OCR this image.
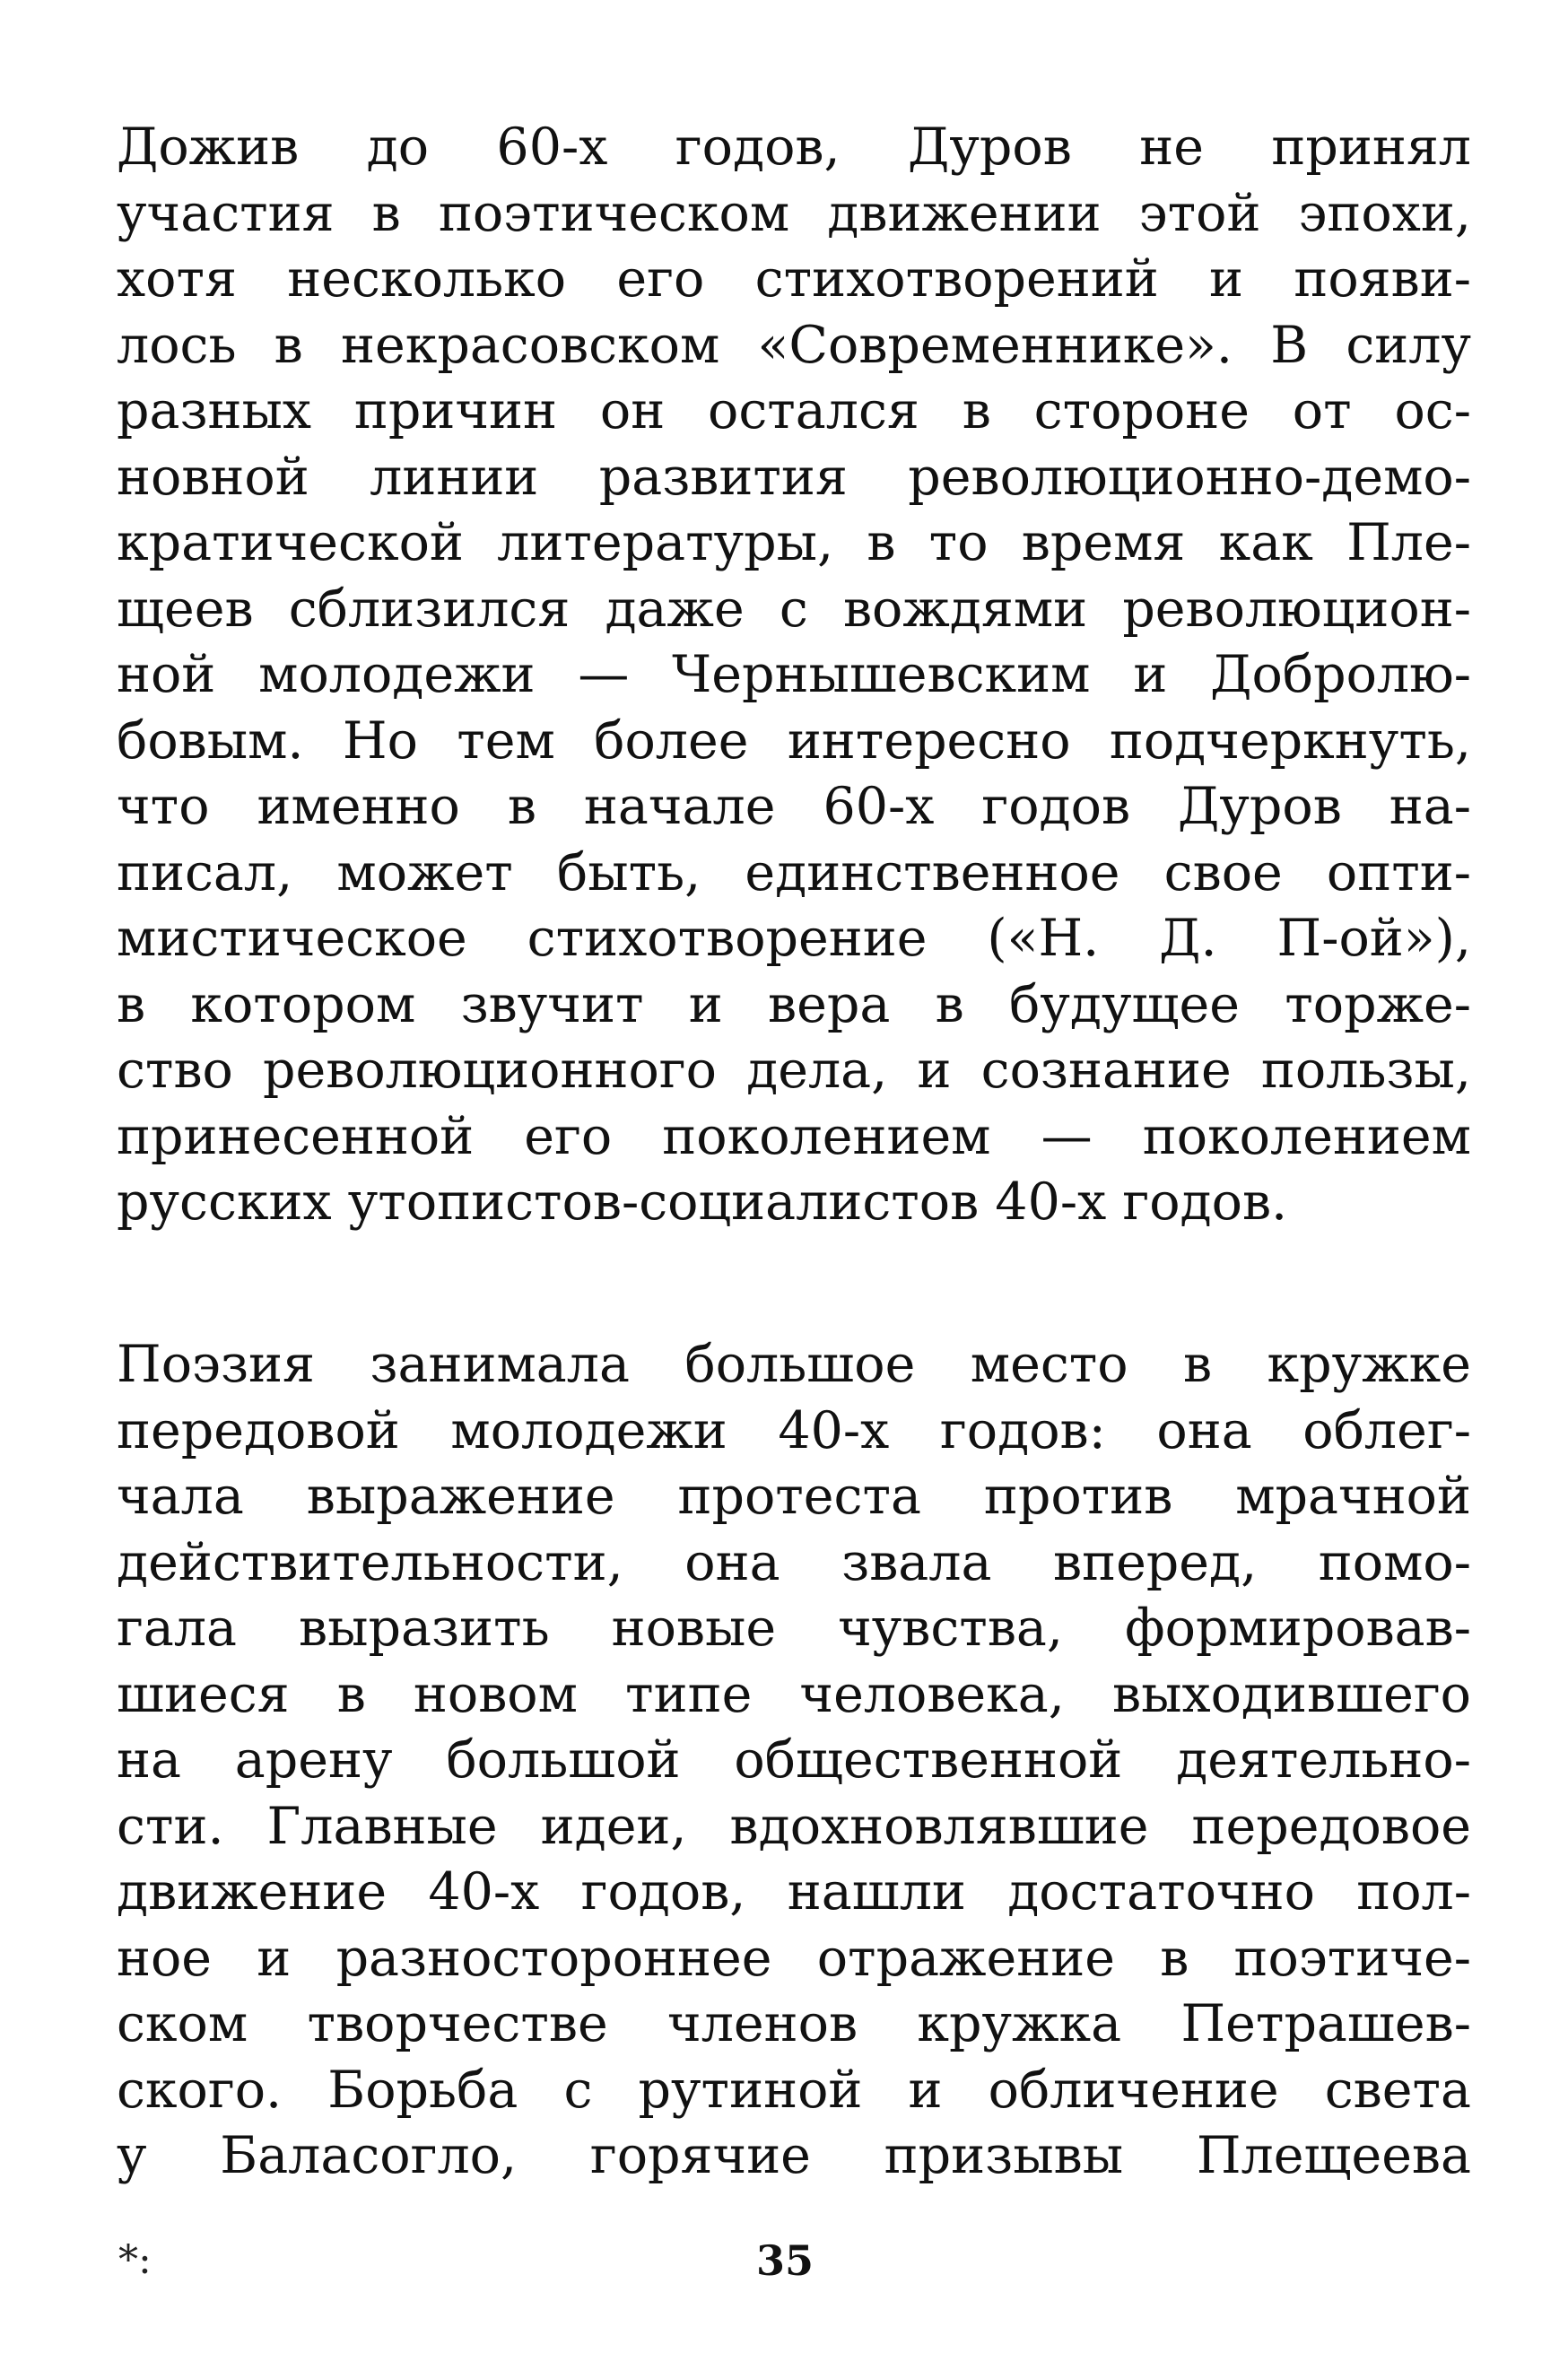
Дожив до 60-х годов, Дуров не принял
участия в поэтическом движении этой эпохи,
хотя несколько его стихотворений и появи-
лось в некрасовском «Современнике». В силу
разных причин он остался в стороне от ос-
новной линии развития революционно-демо-
кратической литературы, в то время как Пле-
щеев сблизился даже с вождями революцион-
ной молодежи — Чернышевским и Добролю-
бовым. Но тем более интересно подчеркнуть,
что именно в начале 60-х годов Дуров на-
писал, может быть, единственное свое опти-
мистическое стихотворение («Н. Д. П-ой»),
в котором звучит и вера в будущее торже-
ство революционного дела, и сознание пользы,
принесенной его поколением — поколением
русских утопистов-социалистов 40-х годов.
Поэзия занимала большое место в кружке
передовой молодежи 40-х годов: она облег-
чала выражение протеста против мрачной
действительности, она звала вперед, помо-
гала выразить новые чувства, формировав-
шиеся в новом типе человека, выходившего
на арену большой общественной деятельно-
сти. Главные идеи, вдохновлявшие передовое
движение 40-х годов, нашли достаточно пол-
ное и разностороннее отражение в поэтиче-
ском творчестве членов кружка Петрашев-
ского. Борьба с рутиной и обличение света
у Баласогло, горячие призывы Плещеева
*:	35
